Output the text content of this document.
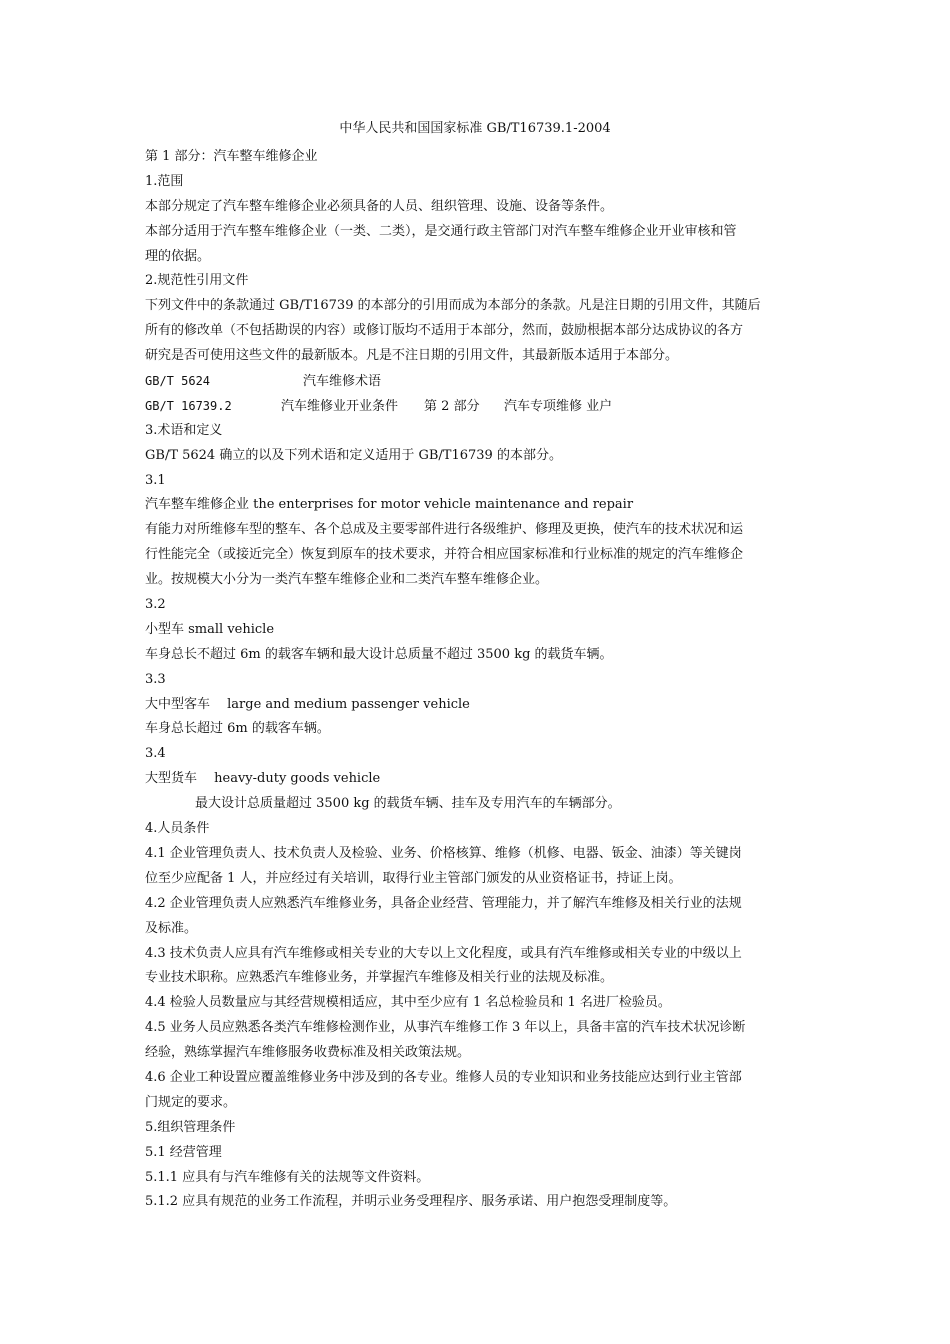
中华人民共和国国家标准 GB/T16739.1-2004
第 1 部分：汽车整车维修企业
1.范围
本部分规定了汽车整车维修企业必须具备的人员、组织管理、设施、设备等条件。
本部分适用于汽车整车维修企业（一类、二类），是交通行政主管部门对汽车整车维修企业开业审核和管
理的依据。
2.规范性引用文件
下列文件中的条款通过 GB/T16739 的本部分的引用而成为本部分的条款。凡是注日期的引用文件，其随后
所有的修改单（不包括勘误的内容）或修订版均不适用于本部分，然而，鼓励根据本部分达成协议的各方
研究是否可使用这些文件的最新版本。凡是不注日期的引用文件，其最新版本适用于本部分。
GB/T 5624	汽车维修术语
GB/T 16739.2	汽车维修业开业条件　　 第 2 部分 汽车专项维修 业户
3.术语和定义
GB/T 5624 确立的以及下列术语和定义适用于 GB/T16739 的本部分。
3.1
汽车整车维修企业 the enterprises for motor vehicle maintenance and repair
有能力对所维修车型的整车、各个总成及主要零部件进行各级维护、修理及更换，使汽车的技术状况和运
行性能完全（或接近完全）恢复到原车的技术要求，并符合相应国家标准和行业标准的规定的汽车维修企
业。按规模大小分为一类汽车整车维修企业和二类汽车整车维修企业。
3.2
小型车 small vehicle
车身总长不超过 6m 的载客车辆和最大设计总质量不超过 3500 kg 的载货车辆。
3.3
大中型客车　 large and medium passenger vehicle
车身总长超过 6m 的载客车辆。
3.4
大型货车　 heavy-duty goods vehicle
最大设计总质量超过 3500 kg 的载货车辆、挂车及专用汽车的车辆部分。
4.人员条件
4.1 企业管理负责人、技术负责人及检验、业务、价格核算、维修（机修、电器、钣金、油漆）等关键岗
位至少应配备 1 人，并应经过有关培训，取得行业主管部门颁发的从业资格证书，持证上岗。
4.2 企业管理负责人应熟悉汽车维修业务，具备企业经营、管理能力，并了解汽车维修及相关行业的法规
及标准。
4.3 技术负责人应具有汽车维修或相关专业的大专以上文化程度，或具有汽车维修或相关专业的中级以上
专业技术职称。应熟悉汽车维修业务，并掌握汽车维修及相关行业的法规及标准。
4.4 检验人员数量应与其经营规模相适应，其中至少应有 1 名总检验员和 1 名进厂检验员。
4.5 业务人员应熟悉各类汽车维修检测作业，从事汽车维修工作 3 年以上，具备丰富的汽车技术状况诊断
经验，熟练掌握汽车维修服务收费标准及相关政策法规。
4.6 企业工种设置应覆盖维修业务中涉及到的各专业。维修人员的专业知识和业务技能应达到行业主管部
门规定的要求。
5.组织管理条件
5.1 经营管理
5.1.1 应具有与汽车维修有关的法规等文件资料。
5.1.2 应具有规范的业务工作流程，并明示业务受理程序、服务承诺、用户抱怨受理制度等。
